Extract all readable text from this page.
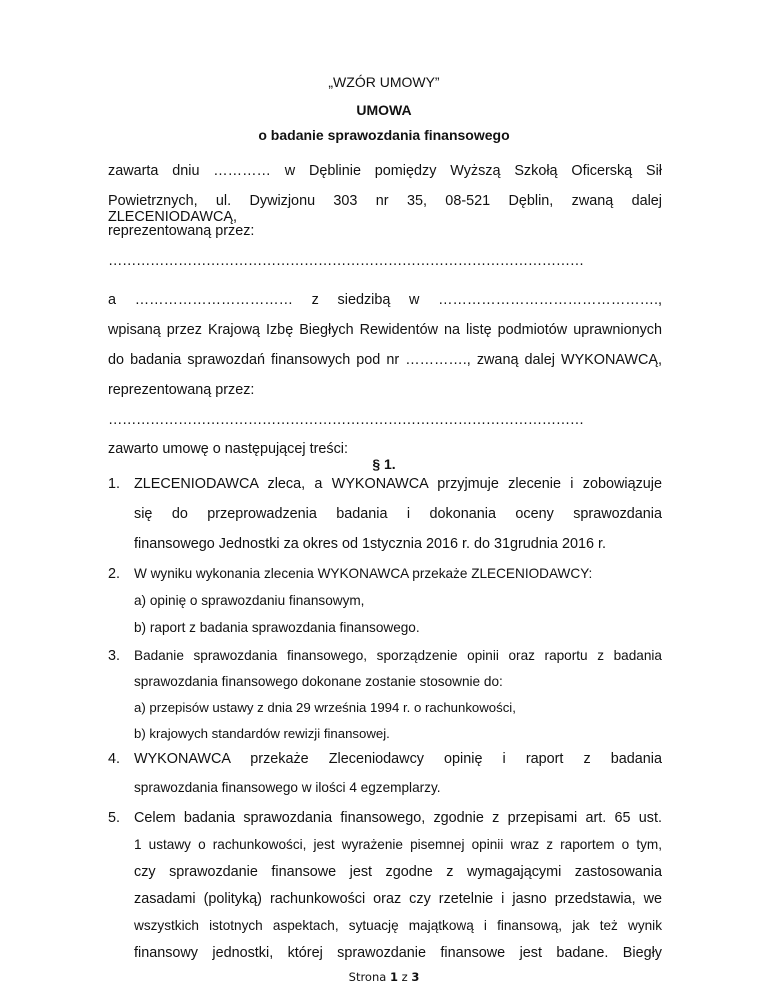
„WZÓR UMOWY”
UMOWA
o badanie sprawozdania finansowego
zawarta dniu ………… w Dęblinie pomiędzy Wyższą Szkołą Oficerską Sił
Powietrznych, ul. Dywizjonu 303 nr 35, 08-521 Dęblin, zwaną dalej ZLECENIODAWCĄ,
reprezentowaną przez:
…………………………………………………………………………………………
a …………………………… z siedzibą w ……………………………………….,
wpisaną przez Krajową Izbę Biegłych Rewidentów na listę podmiotów uprawnionych
do badania sprawozdań finansowych pod nr …………., zwaną dalej WYKONAWCĄ,
reprezentowaną przez:
…………………………………………………………………………………………
zawarto umowę o następującej treści:
§ 1.
1. ZLECENIODAWCA zleca, a WYKONAWCA przyjmuje zlecenie i zobowiązuje
się do przeprowadzenia badania i dokonania oceny sprawozdania
finansowego Jednostki za okres od 1stycznia 2016 r. do 31grudnia 2016 r.
2. W wyniku wykonania zlecenia WYKONAWCA przekaże ZLECENIODAWCY:
a) opinię o sprawozdaniu finansowym,
b) raport z badania sprawozdania finansowego.
3. Badanie sprawozdania finansowego, sporządzenie opinii oraz raportu z badania
sprawozdania finansowego dokonane zostanie stosownie do:
a) przepisów ustawy z dnia 29 września 1994 r. o rachunkowości,
b) krajowych standardów rewizji finansowej.
4. WYKONAWCA przekaże Zleceniodawcy opinię i raport z badania
sprawozdania finansowego w ilości 4 egzemplarzy.
5. Celem badania sprawozdania finansowego, zgodnie z przepisami art. 65 ust.
1 ustawy o rachunkowości, jest wyrażenie pisemnej opinii wraz z raportem o tym,
czy sprawozdanie finansowe jest zgodne z wymagającymi zastosowania
zasadami (polityką) rachunkowości oraz czy rzetelnie i jasno przedstawia, we
wszystkich istotnych aspektach, sytuację majątkową i finansową, jak też wynik
finansowy jednostki, której sprawozdanie finansowe jest badane. Biegły
Strona 1 z 3
